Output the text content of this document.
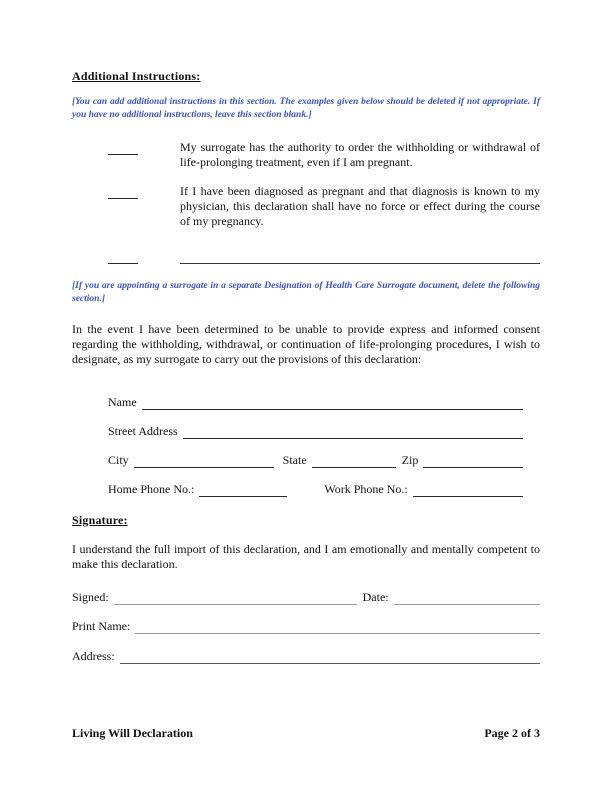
Additional Instructions:

[You can add additional instructions in this section. The examples given below should be deleted if not appropriate. If you have no additional instructions, leave this section blank.]

My surrogate has the authority to order the withholding or withdrawal of life-prolonging treatment, even if I am pregnant.
If I have been diagnosed as pregnant and that diagnosis is known to my physician, this declaration shall have no force or effect during the course of my pregnancy.

[If you are appointing a surrogate in a separate Designation of Health Care Surrogate document, delete the following section.]

In the event I have been determined to be unable to provide express and informed consent regarding the withholding, withdrawal, or continuation of life-prolonging procedures, I wish to designate, as my surrogate to carry out the provisions of this declaration:

Name
Street Address
City	State	Zip
Home Phone No.:	Work Phone No.:
Signature:

I understand the full import of this declaration, and I am emotionally and mentally competent to make this declaration.

Signed:	Date:
Print Name:
Address:
Living Will Declaration	Page 2 of 3
